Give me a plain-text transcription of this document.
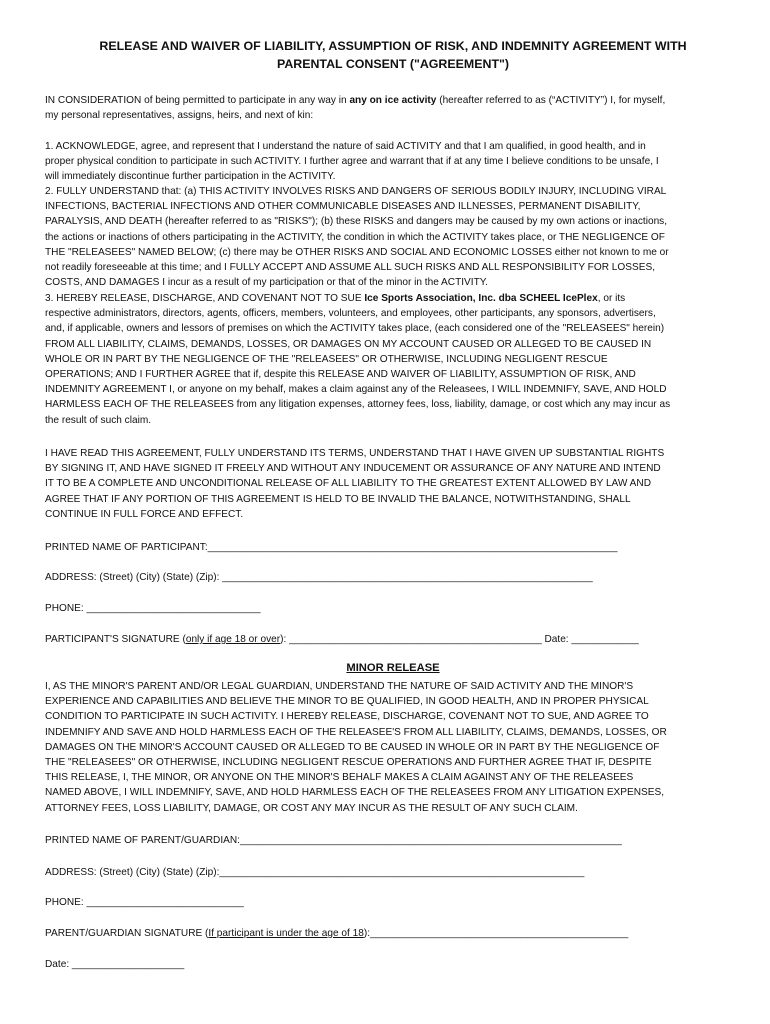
RELEASE AND WAIVER OF LIABILITY, ASSUMPTION OF RISK, AND INDEMNITY AGREEMENT WITH
PARENTAL CONSENT ("AGREEMENT")
IN CONSIDERATION of being permitted to participate in any way in any on ice activity (hereafter referred to as (“ACTIVITY”) I, for myself,
my personal representatives, assigns, heirs, and next of kin:
1. ACKNOWLEDGE, agree, and represent that I understand the nature of said ACTIVITY and that I am qualified, in good health, and in
proper physical condition to participate in such ACTIVITY. I further agree and warrant that if at any time I believe conditions to be unsafe, I
will immediately discontinue further participation in the ACTIVITY.
2. FULLY UNDERSTAND that: (a) THIS ACTIVITY INVOLVES RISKS AND DANGERS OF SERIOUS BODILY INJURY, INCLUDING VIRAL
INFECTIONS, BACTERIAL INFECTIONS AND OTHER COMMUNICABLE DISEASES AND ILLNESSES, PERMANENT DISABILITY,
PARALYSIS, AND DEATH (hereafter referred to as "RISKS"); (b) these RISKS and dangers may be caused by my own actions or inactions,
the actions or inactions of others participating in the ACTIVITY, the condition in which the ACTIVITY takes place, or THE NEGLIGENCE OF
THE "RELEASEES" NAMED BELOW; (c) there may be OTHER RISKS AND SOCIAL AND ECONOMIC LOSSES either not known to me or
not readily foreseeable at this time; and I FULLY ACCEPT AND ASSUME ALL SUCH RISKS AND ALL RESPONSIBILITY FOR LOSSES,
COSTS, AND DAMAGES I incur as a result of my participation or that of the minor in the ACTIVITY.
3. HEREBY RELEASE, DISCHARGE, AND COVENANT NOT TO SUE Ice Sports Association, Inc. dba SCHEEL IcePlex, or its
respective administrators, directors, agents, officers, members, volunteers, and employees, other participants, any sponsors, advertisers,
and, if applicable, owners and lessors of premises on which the ACTIVITY takes place, (each considered one of the "RELEASEES" herein)
FROM ALL LIABILITY, CLAIMS, DEMANDS, LOSSES, OR DAMAGES ON MY ACCOUNT CAUSED OR ALLEGED TO BE CAUSED IN
WHOLE OR IN PART BY THE NEGLIGENCE OF THE "RELEASEES" OR OTHERWISE, INCLUDING NEGLIGENT RESCUE
OPERATIONS; AND I FURTHER AGREE that if, despite this RELEASE AND WAIVER OF LIABILITY, ASSUMPTION OF RISK, AND
INDEMNITY AGREEMENT I, or anyone on my behalf, makes a claim against any of the Releasees, I WILL INDEMNIFY, SAVE, AND HOLD
HARMLESS EACH OF THE RELEASEES from any litigation expenses, attorney fees, loss, liability, damage, or cost which any may incur as
the result of such claim.
I HAVE READ THIS AGREEMENT, FULLY UNDERSTAND ITS TERMS, UNDERSTAND THAT I HAVE GIVEN UP SUBSTANTIAL RIGHTS
BY SIGNING IT, AND HAVE SIGNED IT FREELY AND WITHOUT ANY INDUCEMENT OR ASSURANCE OF ANY NATURE AND INTEND
IT TO BE A COMPLETE AND UNCONDITIONAL RELEASE OF ALL LIABILITY TO THE GREATEST EXTENT ALLOWED BY LAW AND
AGREE THAT IF ANY PORTION OF THIS AGREEMENT IS HELD TO BE INVALID THE BALANCE, NOTWITHSTANDING, SHALL
CONTINUE IN FULL FORCE AND EFFECT.
PRINTED NAME OF PARTICIPANT:_________________________________________________________________________
ADDRESS: (Street) (City) (State) (Zip): __________________________________________________________________
PHONE: _______________________________
PARTICIPANT'S SIGNATURE (only if age 18 or over): _____________________________________________ Date: ____________
MINOR RELEASE
I, AS THE MINOR'S PARENT AND/OR LEGAL GUARDIAN, UNDERSTAND THE NATURE OF SAID ACTIVITY AND THE MINOR'S
EXPERIENCE AND CAPABILITIES AND BELIEVE THE MINOR TO BE QUALIFIED, IN GOOD HEALTH, AND IN PROPER PHYSICAL
CONDITION TO PARTICIPATE IN SUCH ACTIVITY. I HEREBY RELEASE, DISCHARGE, COVENANT NOT TO SUE, AND AGREE TO
INDEMNIFY AND SAVE AND HOLD HARMLESS EACH OF THE RELEASEE'S FROM ALL LIABILITY, CLAIMS, DEMANDS, LOSSES, OR
DAMAGES ON THE MINOR'S ACCOUNT CAUSED OR ALLEGED TO BE CAUSED IN WHOLE OR IN PART BY THE NEGLIGENCE OF
THE "RELEASEES" OR OTHERWISE, INCLUDING NEGLIGENT RESCUE OPERATIONS AND FURTHER AGREE THAT IF, DESPITE
THIS RELEASE, I, THE MINOR, OR ANYONE ON THE MINOR'S BEHALF MAKES A CLAIM AGAINST ANY OF THE RELEASEES
NAMED ABOVE, I WILL INDEMNIFY, SAVE, AND HOLD HARMLESS EACH OF THE RELEASEES FROM ANY LITIGATION EXPENSES,
ATTORNEY FEES, LOSS LIABILITY, DAMAGE, OR COST ANY MAY INCUR AS THE RESULT OF ANY SUCH CLAIM.
PRINTED NAME OF PARENT/GUARDIAN:____________________________________________________________________
ADDRESS: (Street) (City) (State) (Zip):_________________________________________________________________
PHONE: ____________________________
PARENT/GUARDIAN SIGNATURE (If participant is under the age of 18):______________________________________________
Date: ____________________
